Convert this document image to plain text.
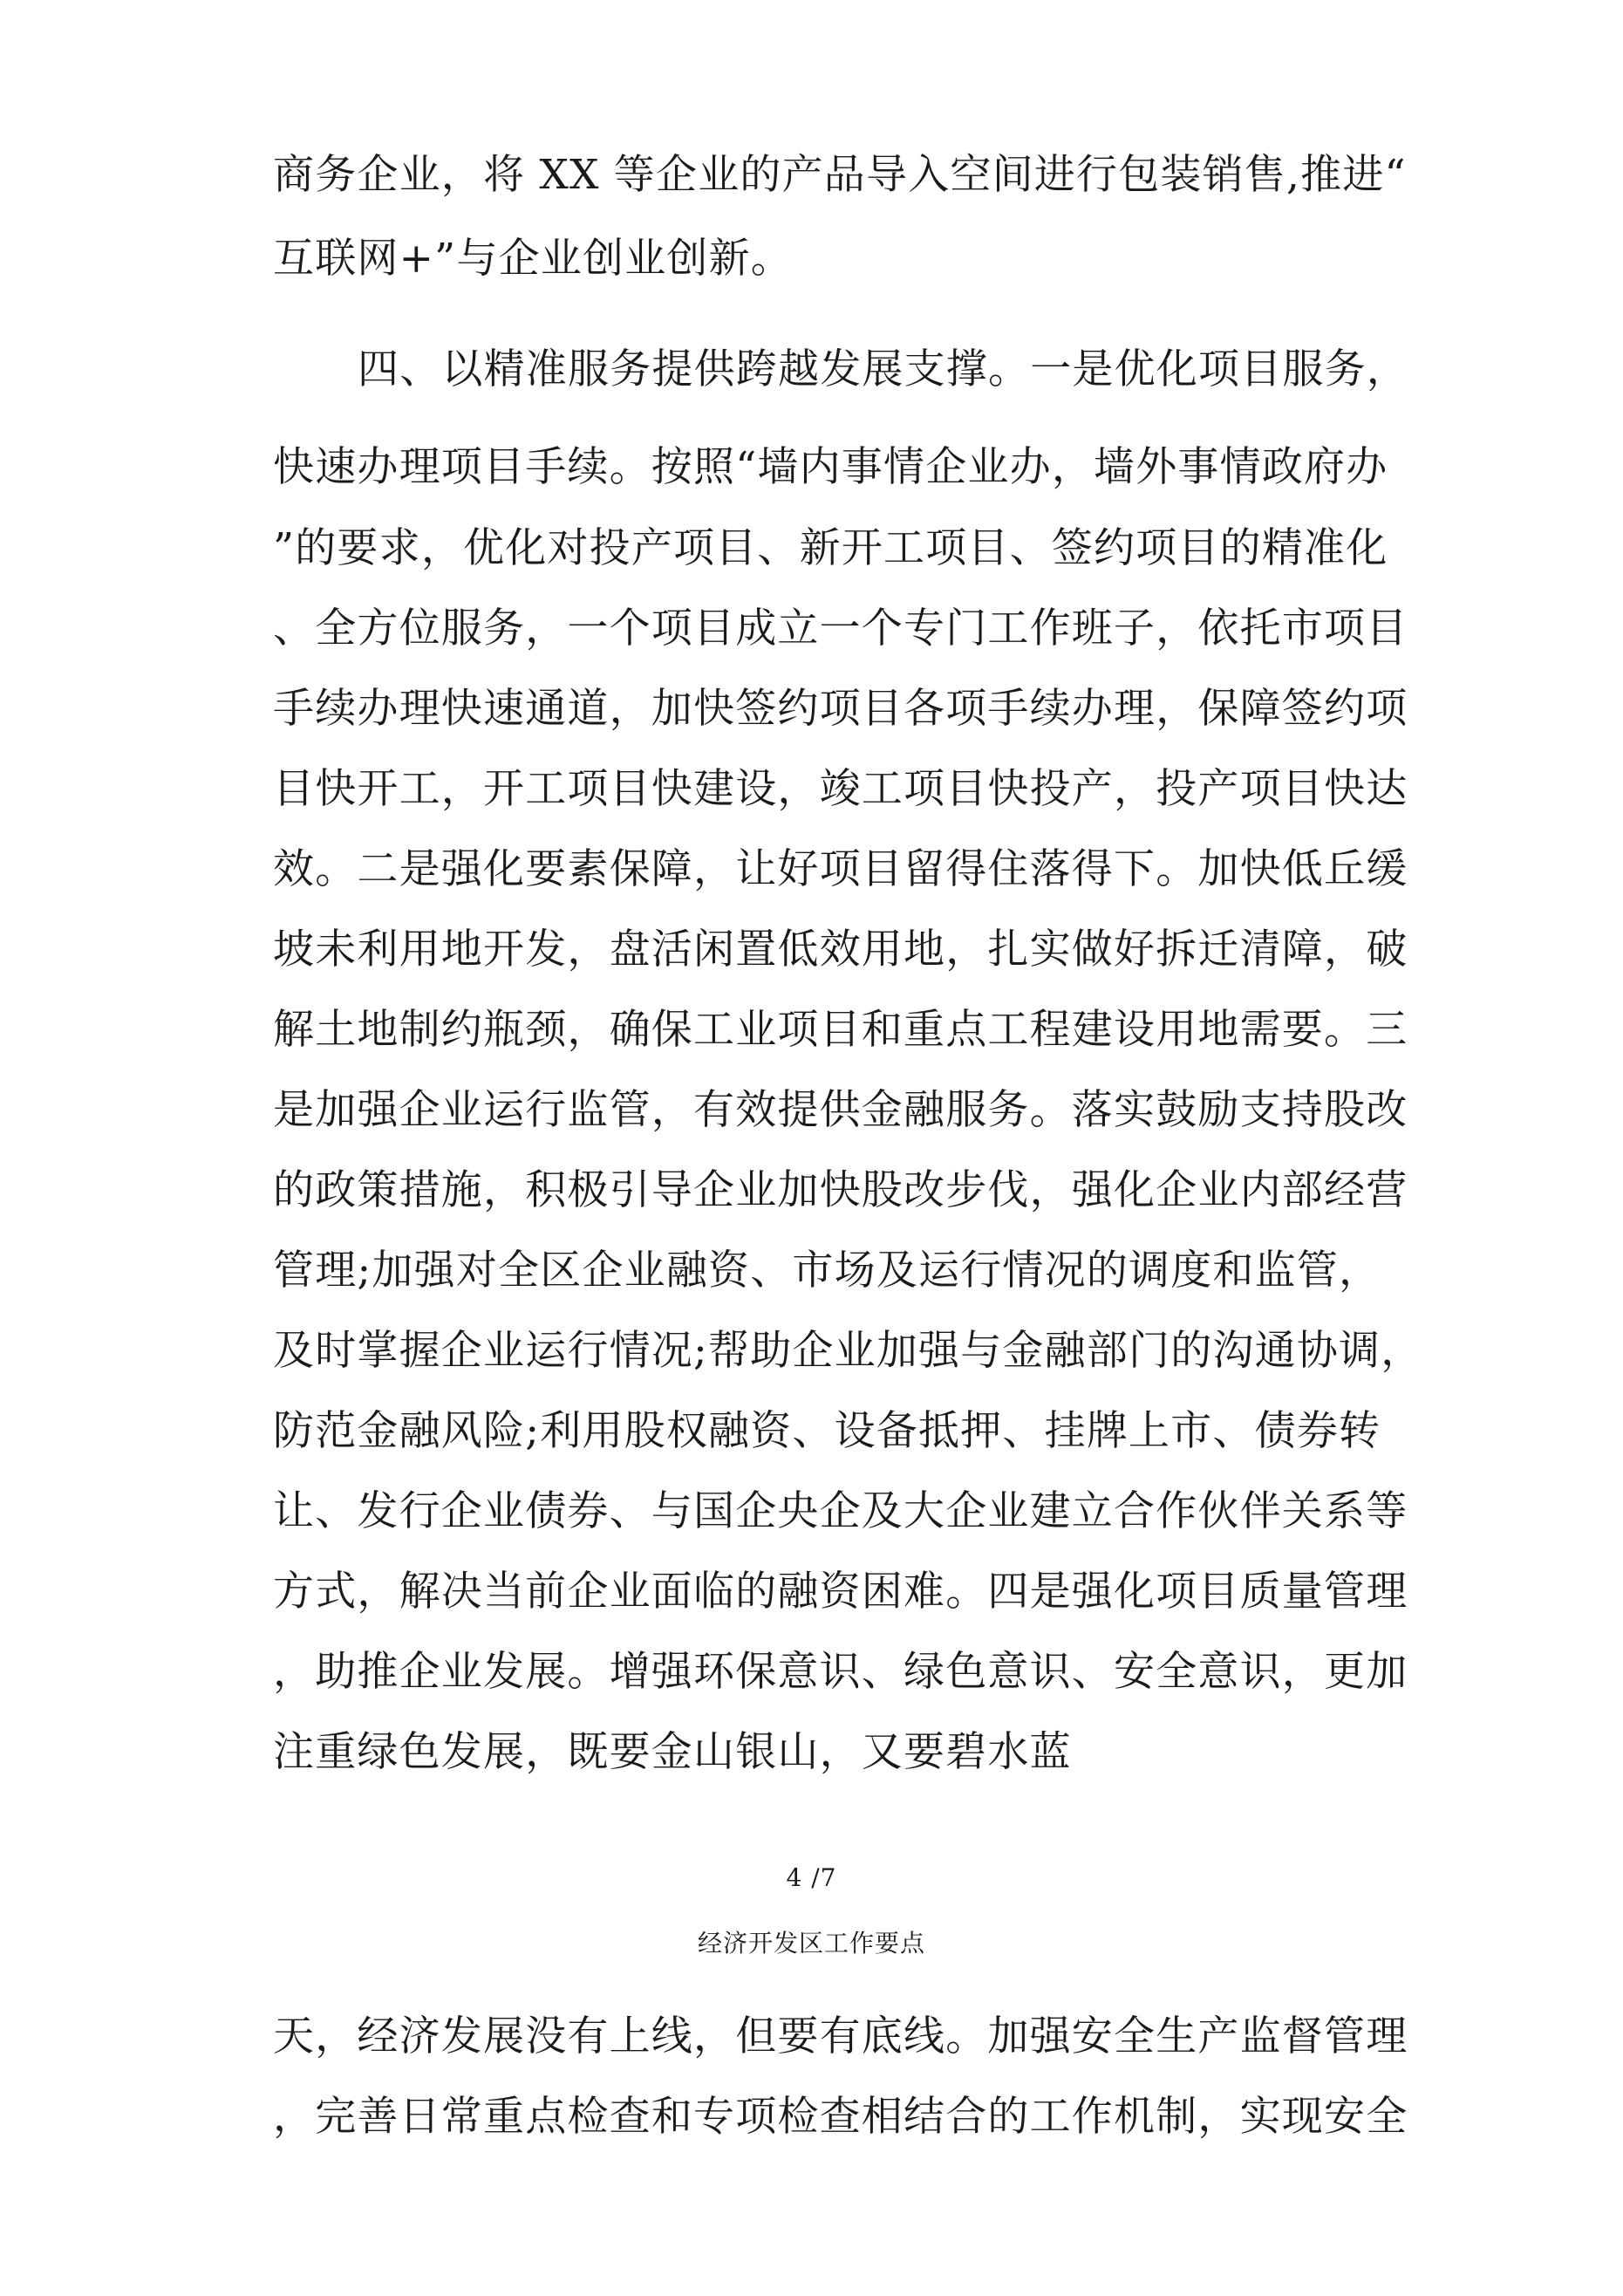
商务企业，将 XX 等企业的产品导入空间进行包装销售,推进“
互联网+”与企业创业创新。
四、以精准服务提供跨越发展支撑。一是优化项目服务，
快速办理项目手续。按照“墙内事情企业办，墙外事情政府办
”的要求，优化对投产项目、新开工项目、签约项目的精准化
、全方位服务，一个项目成立一个专门工作班子，依托市项目
手续办理快速通道，加快签约项目各项手续办理，保障签约项
目快开工，开工项目快建设，竣工项目快投产，投产项目快达
效。二是强化要素保障，让好项目留得住落得下。加快低丘缓
坡未利用地开发，盘活闲置低效用地，扎实做好拆迁清障，破
解土地制约瓶颈，确保工业项目和重点工程建设用地需要。三
是加强企业运行监管，有效提供金融服务。落实鼓励支持股改
的政策措施，积极引导企业加快股改步伐，强化企业内部经营
管理;加强对全区企业融资、市场及运行情况的调度和监管，
及时掌握企业运行情况;帮助企业加强与金融部门的沟通协调，
防范金融风险;利用股权融资、设备抵押、挂牌上市、债券转
让、发行企业债券、与国企央企及大企业建立合作伙伴关系等
方式，解决当前企业面临的融资困难。四是强化项目质量管理
，助推企业发展。增强环保意识、绿色意识、安全意识，更加
注重绿色发展，既要金山银山，又要碧水蓝
4 /7
经济开发区工作要点
天，经济发展没有上线，但要有底线。加强安全生产监督管理
，完善日常重点检查和专项检查相结合的工作机制，实现安全
